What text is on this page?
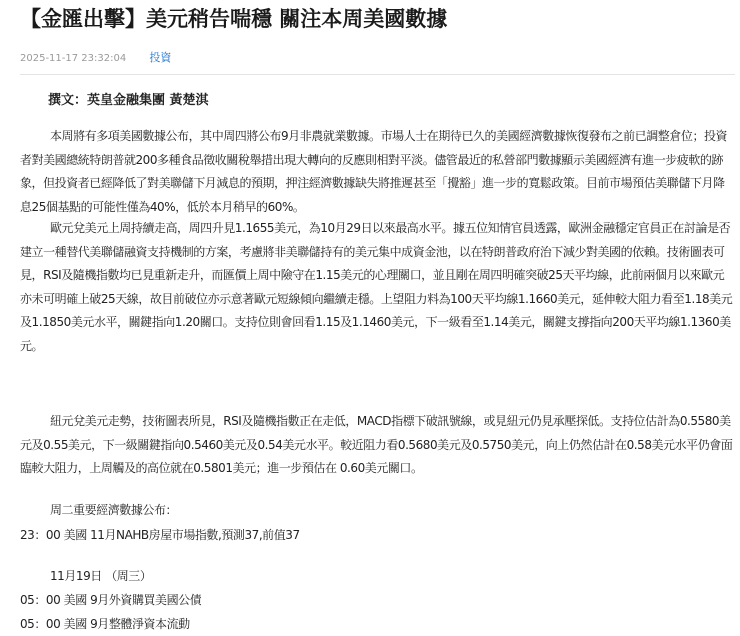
【金匯出擊】美元稍告喘穩 關注本周美國數據
2025-11-17 23:32:04 投資
撰文：英皇金融集團 黃楚淇

本周將有多項美國數據公布，其中周四將公布9月非農就業數據。市場人士在期待已久的美國經濟數據恢復發布之前已調整倉位；投資者對美國總統特朗普就200多種食品徵收關稅舉措出現大轉向的反應則相對平淡。儘管最近的私營部門數據顯示美國經濟有進一步疲軟的跡象，但投資者已經降低了對美聯儲下月減息的預期，押注經濟數據缺失將推遲甚至「攪豁」進一步的寬鬆政策。目前市場預估美聯儲下月降息25個基點的可能性僅為40%，低於本月稍早的60%。

歐元兌美元上周持續走高，周四升見1.1655美元，為10月29日以來最高水平。據五位知情官員透露，歐洲金融穩定官員正在討論是否建立一種替代美聯儲融資支持機制的方案，考慮將非美聯儲持有的美元集中成資金池，以在特朗普政府治下減少對美國的依賴。技術圖表可見，RSI及隨機指數均已見重新走升，而匯價上周中險守在1.15美元的心理關口，並且剛在周四明確突破25天平均線，此前兩個月以來歐元亦未可明確上破25天線，故目前破位亦示意著歐元短線傾向繼續走穩。上望阻力料為100天平均線1.1660美元，延伸較大阻力看至1.18美元及1.1850美元水平，關鍵指向1.20關口。支持位則會回看1.15及1.1460美元，下一級看至1.14美元，關鍵支撐指向200天平均線1.1360美元。

紐元兌美元走勢，技術圖表所見，RSI及隨機指數正在走低，MACD指標下破訊號線，或見紐元仍見承壓探低。支持位估計為0.5580美元及0.55美元，下一級關鍵指向0.5460美元及0.54美元水平。較近阻力看0.5680美元及0.5750美元，向上仍然估計在0.58美元水平仍會面臨較大阻力，上周觸及的高位就在0.5801美元；進一步預估在 0.60美元關口。

周二重要經濟數據公布：

23：00 美國 11月NAHB房屋市場指數,預測37,前值37

11月19日 （周三）

05：00 美國 9月外資購買美國公債

05：00 美國 9月整體淨資本流動
